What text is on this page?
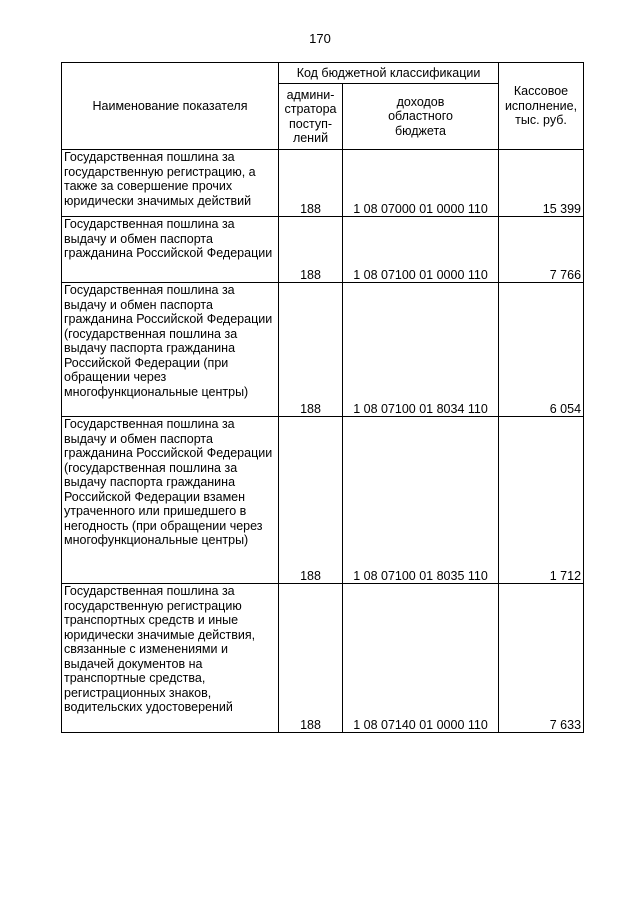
170
Наименование показателя	Код бюджетной классификации		Кассовое
исполнение,
тыс. руб.
	админи-
стратора
поступ-
лений	доходов
областного
бюджета	
Государственная пошлина за государственную регистрацию, а также за совершение прочих юридически значимых действий	188	1 08 07000 01 0000 110	15 399
Государственная пошлина за выдачу и обмен паспорта гражданина Российской Федерации	188	1 08 07100 01 0000 110	7 766
Государственная пошлина за выдачу и обмен паспорта гражданина Российской Федерации (государственная пошлина за выдачу паспорта гражданина Российской Федерации (при обращении через многофункциональные центры)	188	1 08 07100 01 8034 110	6 054
Государственная пошлина за выдачу и обмен паспорта гражданина Российской Федерации (государственная пошлина за выдачу паспорта гражданина Российской Федерации взамен утраченного или пришедшего в негодность (при обращении через многофункциональные центры)	188	1 08 07100 01 8035 110	1 712
Государственная пошлина за государственную регистрацию транспортных средств и иные юридически значимые действия, связанные с изменениями и выдачей документов на транспортные средства, регистрационных знаков, водительских удостоверений	188	1 08 07140 01 0000 110	7 633
